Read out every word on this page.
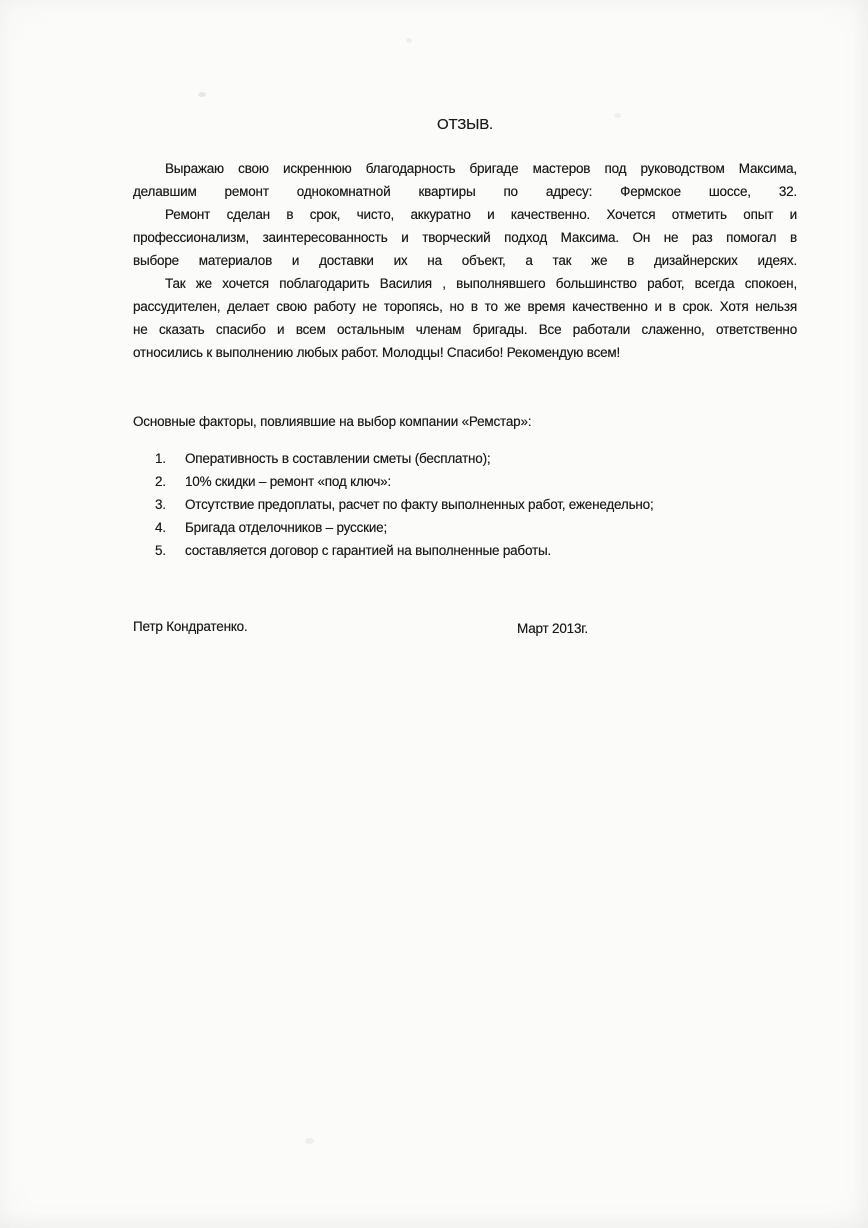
ОТЗЫВ.
Выражаю свою искреннюю благодарность бригаде мастеров под руководством Максима,
делавшим ремонт однокомнатной квартиры по адресу: Фермское шоссе, 32.
Ремонт сделан в срок, чисто, аккуратно и качественно. Хочется отметить опыт и
профессионализм, заинтересованность и творческий подход Максима. Он не раз помогал в
выборе материалов и доставки их на объект, а так же в дизайнерских идеях.
Так же хочется поблагодарить Василия , выполнявшего большинство работ, всегда спокоен,
рассудителен, делает свою работу не торопясь, но в то же время качественно и в срок. Хотя нельзя
не сказать спасибо и всем остальным членам бригады. Все работали слаженно, ответственно
относились к выполнению любых работ. Молодцы! Спасибо! Рекомендую всем!
Основные факторы, повлиявшие на выбор компании «Ремстар»:
1.	Оперативность в составлении сметы (бесплатно);
2.	10% скидки – ремонт «под ключ»:
3.	Отсутствие предоплаты, расчет по факту выполненных работ, еженедельно;
4.	Бригада отделочников – русские;
5.	составляется договор с гарантией на выполненные работы.
Петр Кондратенко.	Март 2013г.
